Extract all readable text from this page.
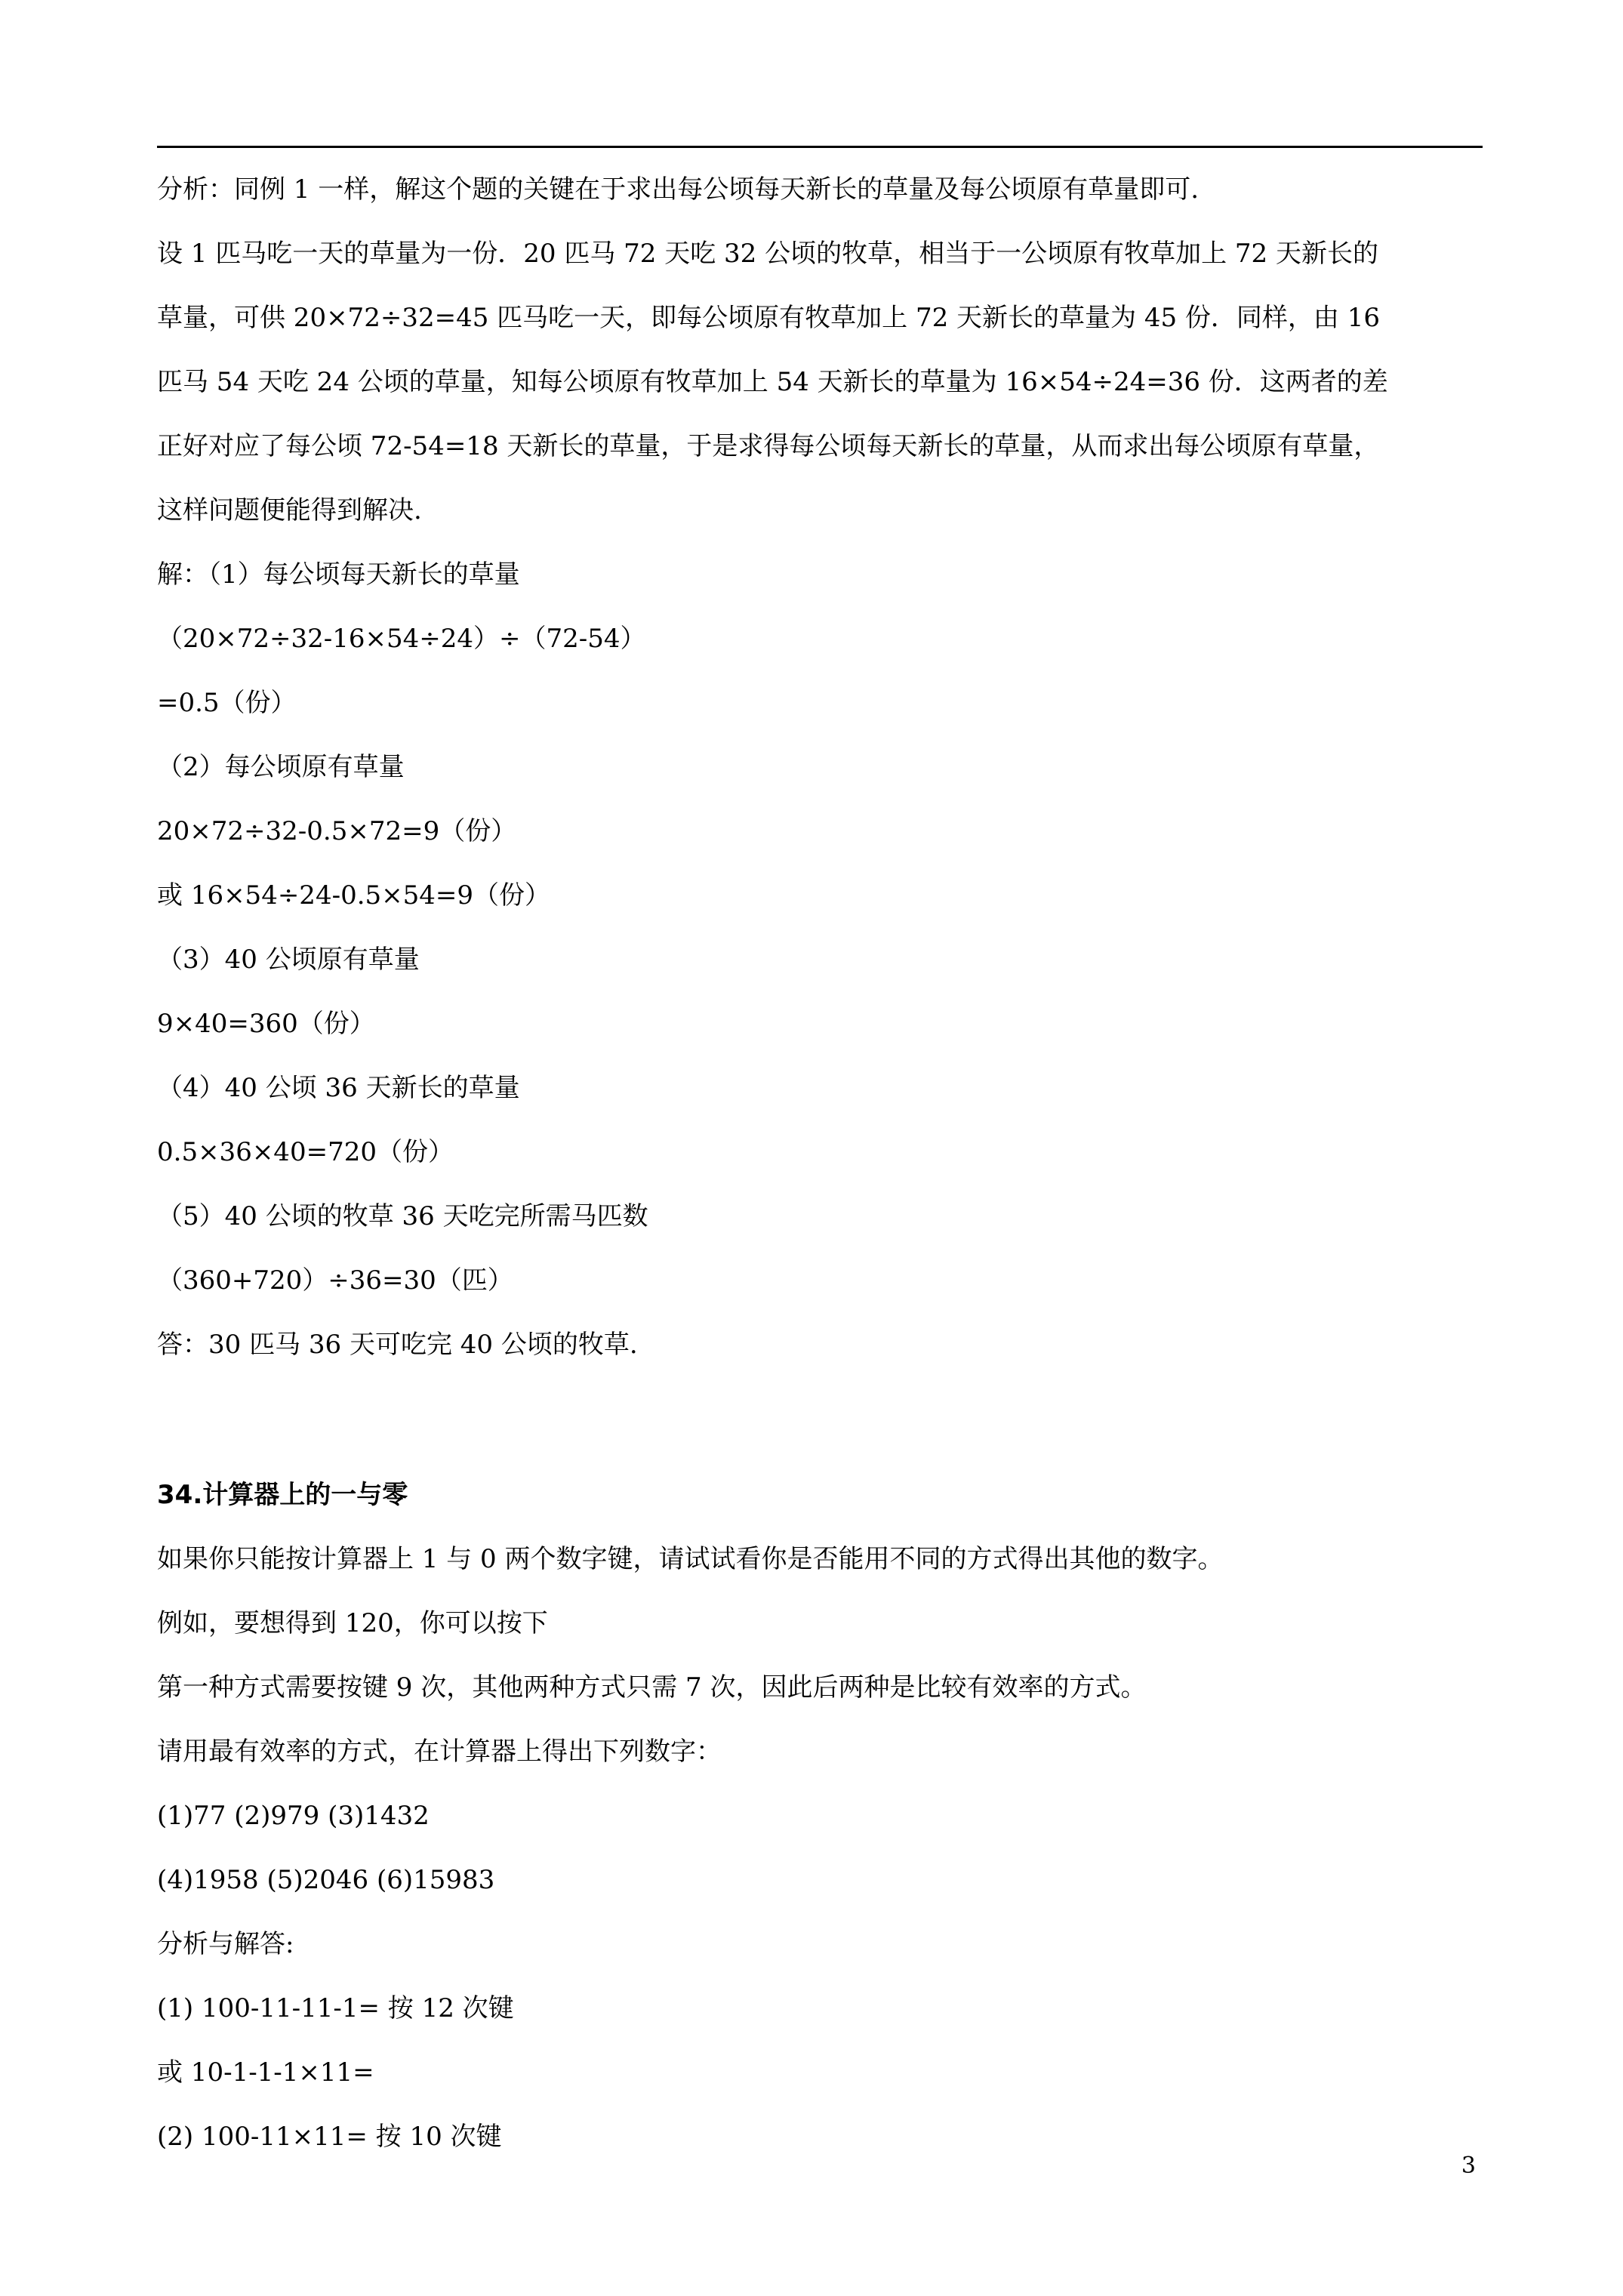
分析：同例 1 一样，解这个题的关键在于求出每公顷每天新长的草量及每公顷原有草量即可.

设 1 匹马吃一天的草量为一份．20 匹马 72 天吃 32 公顷的牧草，相当于一公顷原有牧草加上 72 天新长的

草量，可供 20×72÷32=45 匹马吃一天，即每公顷原有牧草加上 72 天新长的草量为 45 份．同样，由 16

匹马 54 天吃 24 公顷的草量，知每公顷原有牧草加上 54 天新长的草量为 16×54÷24=36 份．这两者的差

正好对应了每公顷 72-54=18 天新长的草量，于是求得每公顷每天新长的草量，从而求出每公顷原有草量，

这样问题便能得到解决.

解：（1）每公顷每天新长的草量

（20×72÷32-16×54÷24）÷（72-54）

=0.5（份）

（2）每公顷原有草量

20×72÷32-0.5×72=9（份）

或 16×54÷24-0.5×54=9（份）

（3）40 公顷原有草量

9×40=360（份）

（4）40 公顷 36 天新长的草量

0.5×36×40=720（份）

（5）40 公顷的牧草 36 天吃完所需马匹数

（360+720）÷36=30（匹）

答：30 匹马 36 天可吃完 40 公顷的牧草.

34.计算器上的一与零

如果你只能按计算器上 1 与 0 两个数字键，请试试看你是否能用不同的方式得出其他的数字。

例如，要想得到 120，你可以按下

第一种方式需要按键 9 次，其他两种方式只需 7 次，因此后两种是比较有效率的方式。

请用最有效率的方式，在计算器上得出下列数字：

(1)77 (2)979 (3)1432

(4)1958 (5)2046 (6)15983

分析与解答:

(1) 100-11-11-1= 按 12 次键

或 10-1-1-1×11=

(2) 100-11×11= 按 10 次键

3
